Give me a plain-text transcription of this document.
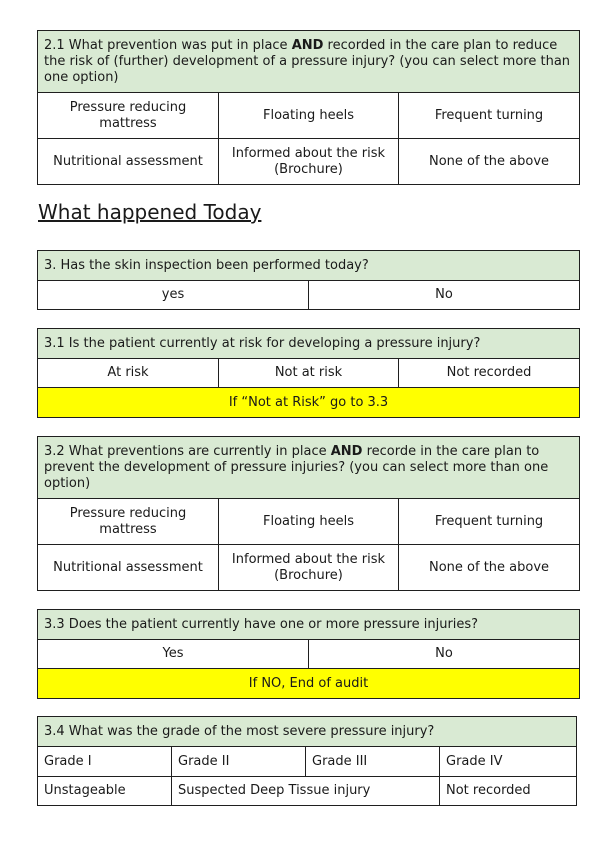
2.1 What prevention was put in place AND recorded in the care plan to reduce the risk of (further) development of a pressure injury? (you can select more than one option)		
Pressure reducing mattress	Floating heels	Frequent turning
Nutritional assessment	Informed about the risk (Brochure)	None of the above
What happened Today
3. Has the skin inspection been performed today?
yes	No
3.1 Is the patient currently at risk for developing a pressure injury?
At risk	Not at risk	Not recorded
If “Not at Risk” go to 3.3
3.2 What preventions are currently in place AND recorde in the care plan to prevent the development of pressure injuries? (you can select more than one option)		
Pressure reducing mattress	Floating heels	Frequent turning
Nutritional assessment	Informed about the risk (Brochure)	None of the above
3.3 Does the patient currently have one or more pressure injuries?
Yes	No
If NO, End of audit
3.4 What was the grade of the most severe pressure injury?			
Grade I	Grade II	Grade III	Grade IV
Unstageable	Suspected Deep Tissue injury		Not recorded
